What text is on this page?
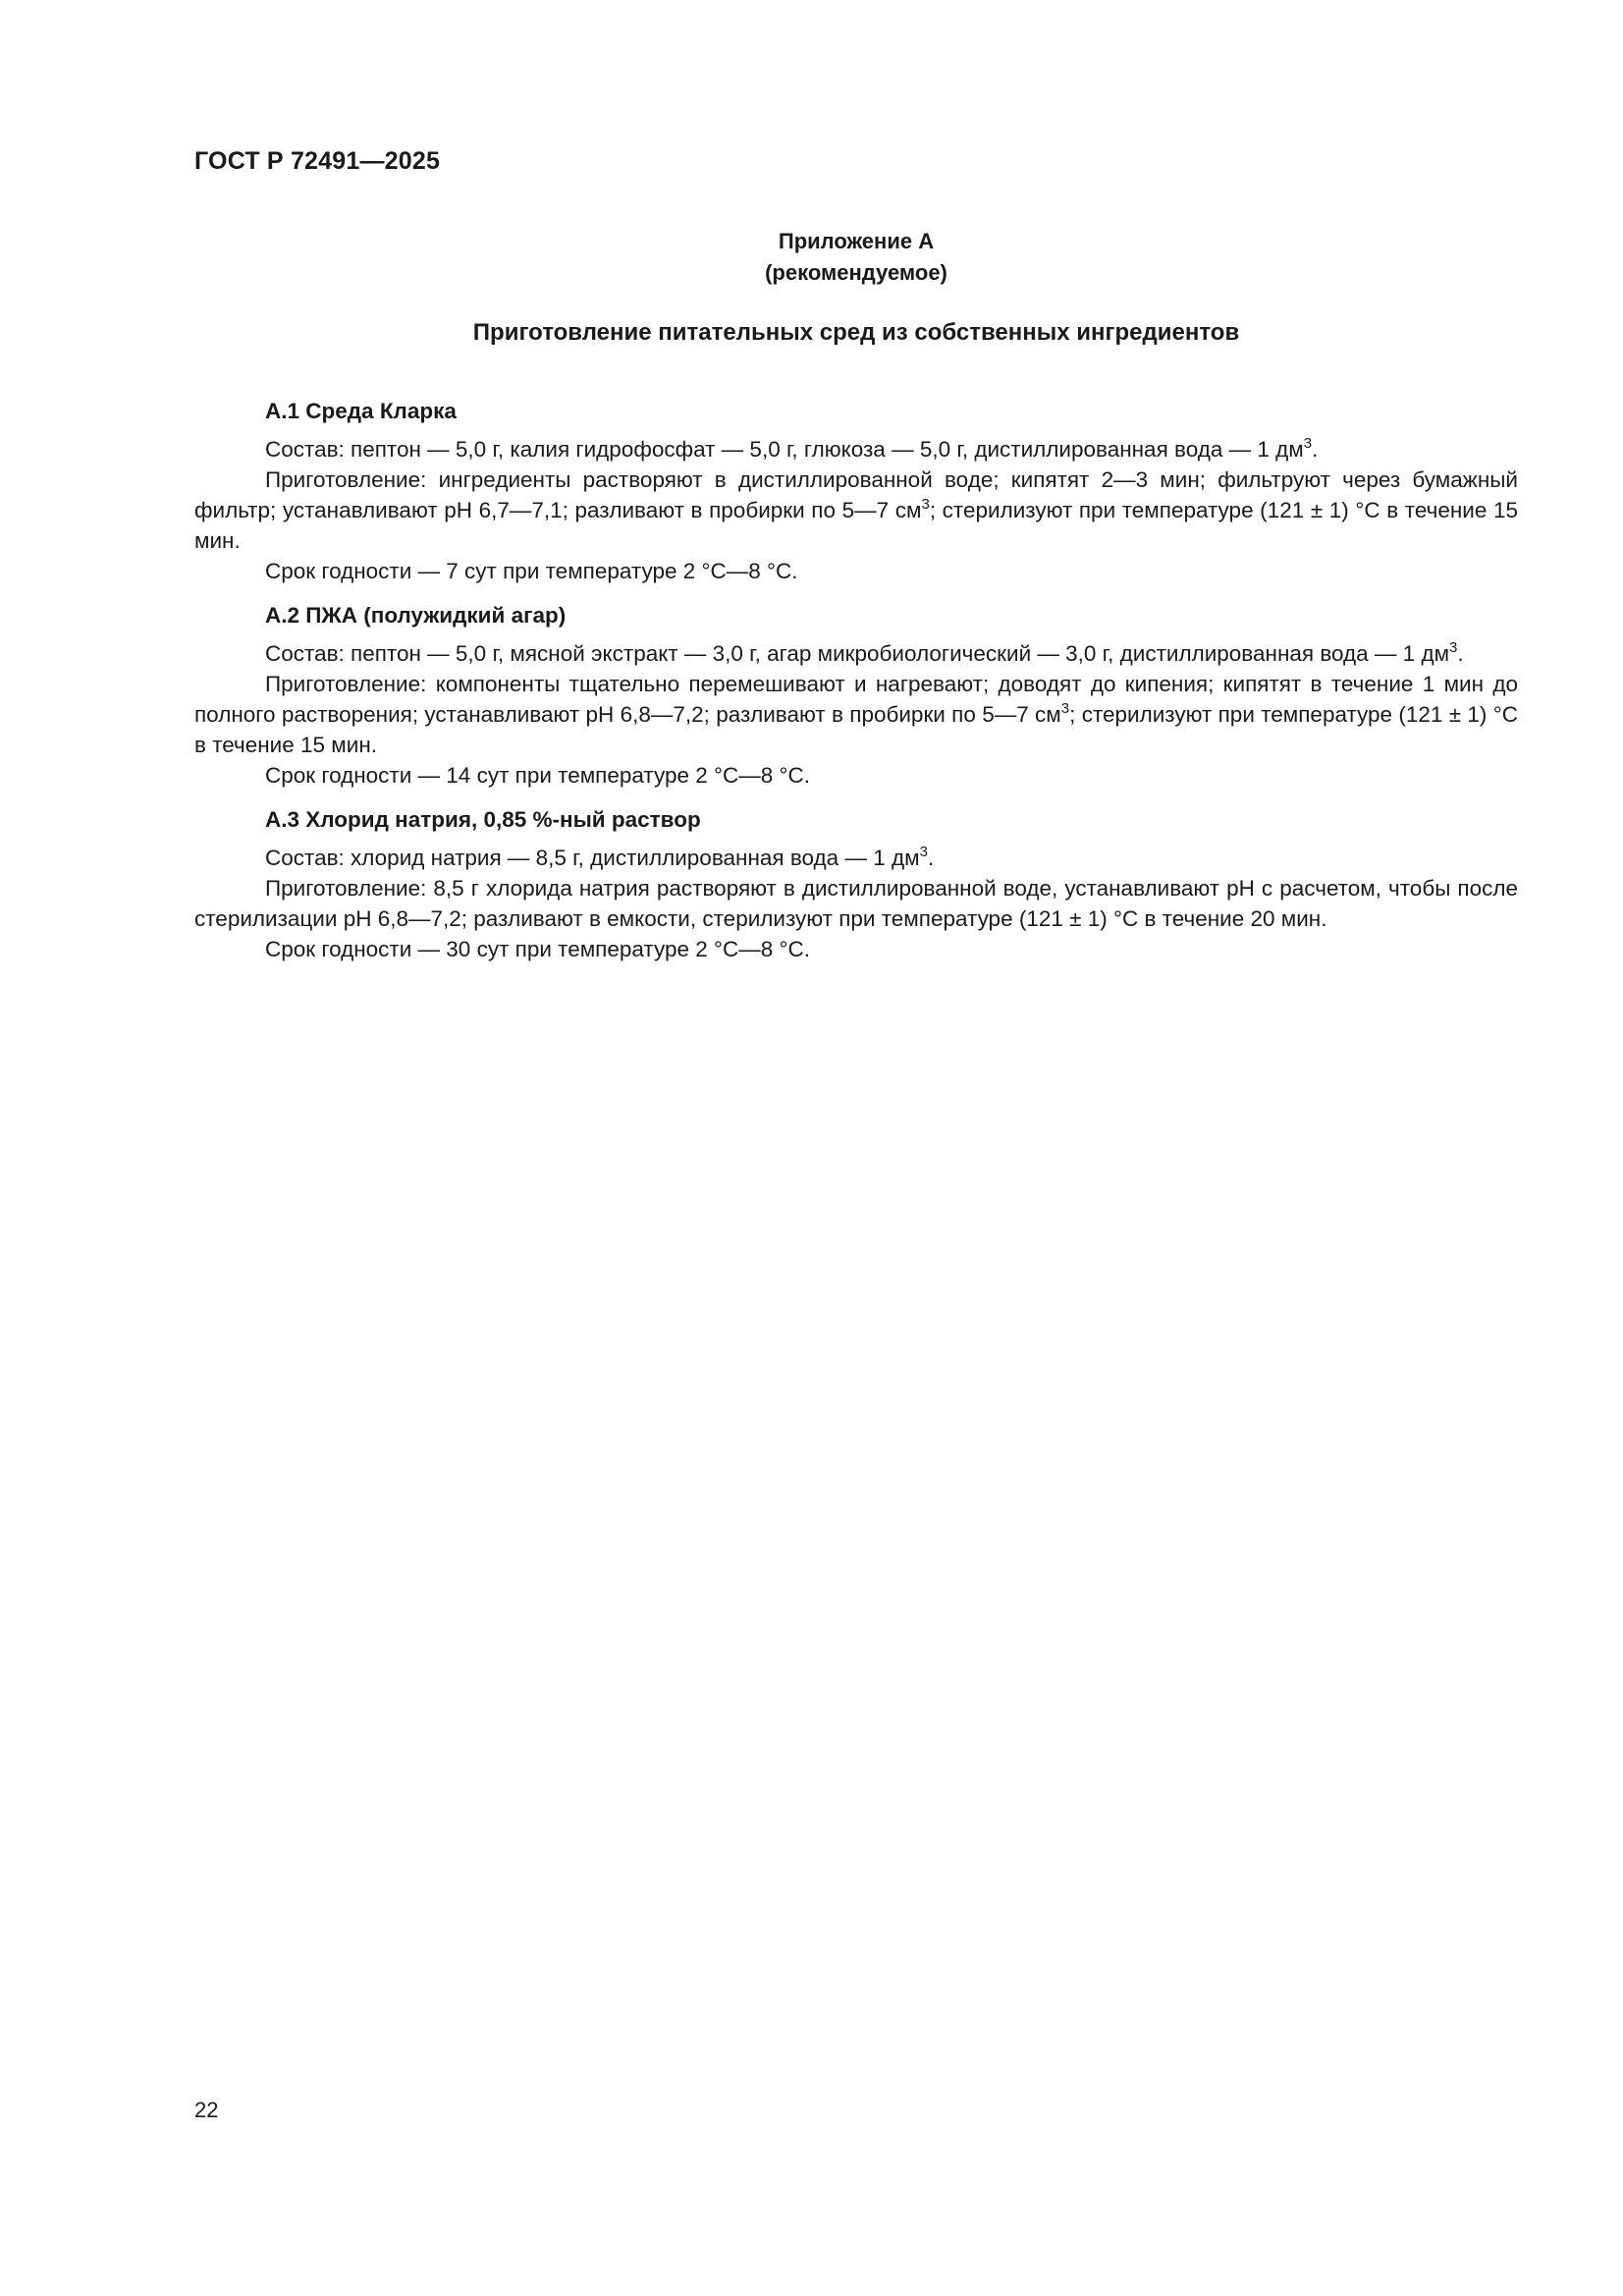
ГОСТ Р 72491—2025
Приложение А
(рекомендуемое)
Приготовление питательных сред из собственных ингредиентов
А.1 Среда Кларка

Состав: пептон — 5,0 г, калия гидрофосфат — 5,0 г, глюкоза — 5,0 г, дистиллированная вода — 1 $дм^3$.

Приготовление: ингредиенты растворяют в дистиллированной воде; кипятят 2—3 мин; фильтруют через бумажный фильтр; устанавливают pH 6,7—7,1; разливают в пробирки по 5—7 $см^3$; стерилизуют при температуре (121 ± 1) °С в течение 15 мин.

Срок годности — 7 сут при температуре 2 °С—8 °С.

А.2 ПЖА (полужидкий агар)

Состав: пептон — 5,0 г, мясной экстракт — 3,0 г, агар микробиологический — 3,0 г, дистиллированная вода — 1 $дм^3$.

Приготовление: компоненты тщательно перемешивают и нагревают; доводят до кипения; кипятят в течение 1 мин до полного растворения; устанавливают pH 6,8—7,2; разливают в пробирки по 5—7 $см^3$; стерилизуют при температуре (121 ± 1) °С в течение 15 мин.

Срок годности — 14 сут при температуре 2 °С—8 °С.

А.3 Хлорид натрия, 0,85 %-ный раствор

Состав: хлорид натрия — 8,5 г, дистиллированная вода — 1 $дм^3$.

Приготовление: 8,5 г хлорида натрия растворяют в дистиллированной воде, устанавливают pH с расчетом, чтобы после стерилизации pH 6,8—7,2; разливают в емкости, стерилизуют при температуре (121 ± 1) °С в течение 20 мин.

Срок годности — 30 сут при температуре 2 °С—8 °С.

22
